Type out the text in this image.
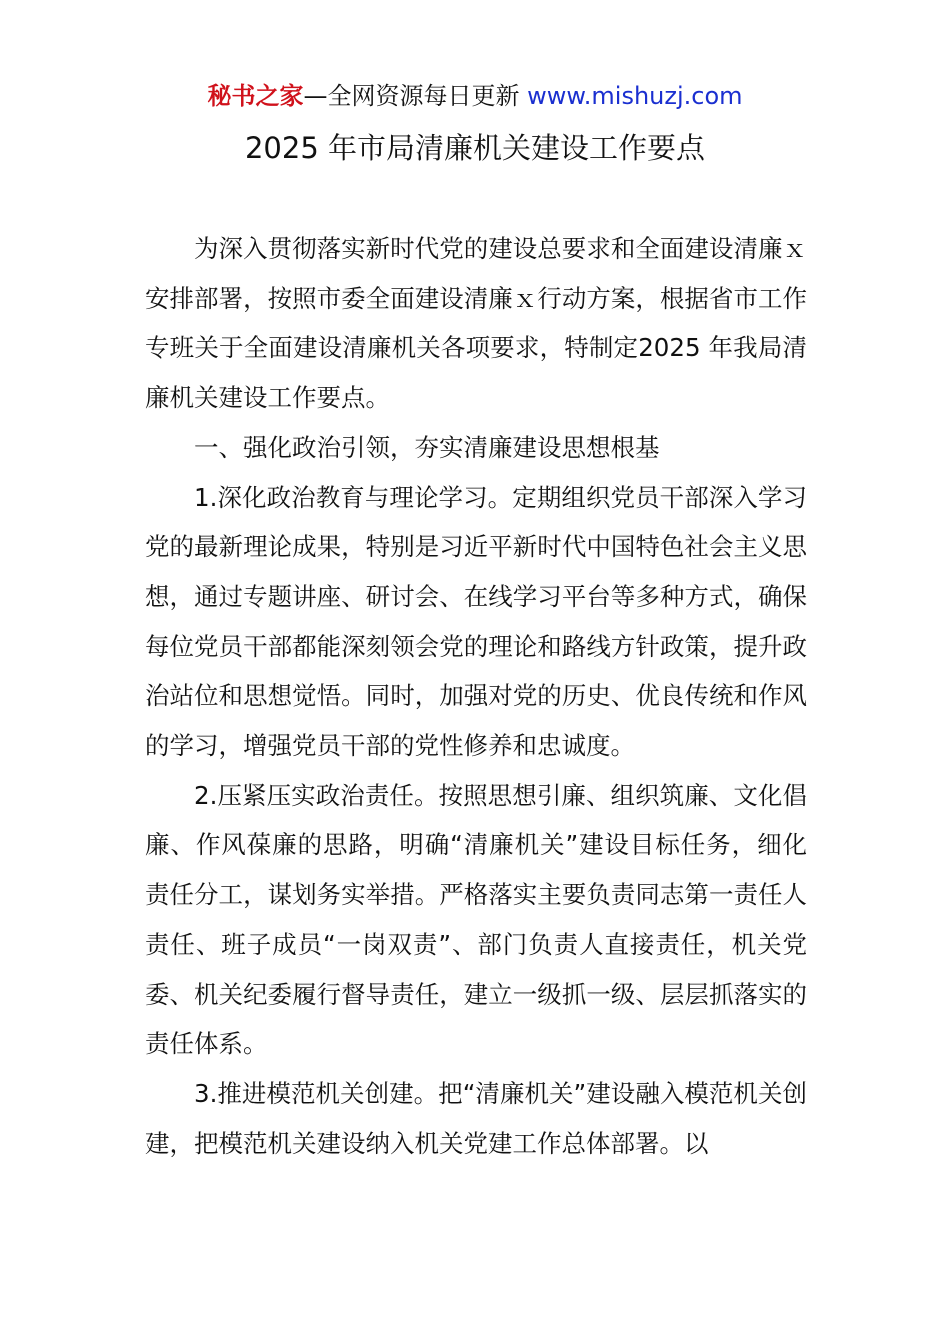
秘书之家—全网资源每日更新 www.mishuzj.com
2025 年市局清廉机关建设工作要点

为深入贯彻落实新时代党的建设总要求和全面建设清廉ｘ安排部署，按照市委全面建设清廉ｘ行动方案，根据省市工作专班关于全面建设清廉机关各项要求，特制定2025 年我局清廉机关建设工作要点。

一、强化政治引领，夯实清廉建设思想根基

1.深化政治教育与理论学习。定期组织党员干部深入学习党的最新理论成果，特别是习近平新时代中国特色社会主义思想，通过专题讲座、研讨会、在线学习平台等多种方式，确保每位党员干部都能深刻领会党的理论和路线方针政策，提升政治站位和思想觉悟。同时，加强对党的历史、优良传统和作风的学习，增强党员干部的党性修养和忠诚度。

2.压紧压实政治责任。按照思想引廉、组织筑廉、文化倡廉、作风葆廉的思路，明确“清廉机关”建设目标任务，细化责任分工，谋划务实举措。严格落实主要负责同志第一责任人责任、班子成员“一岗双责”、部门负责人直接责任，机关党委、机关纪委履行督导责任，建立一级抓一级、层层抓落实的责任体系。

3.推进模范机关创建。把“清廉机关”建设融入模范机关创建，把模范机关建设纳入机关党建工作总体部署。以
